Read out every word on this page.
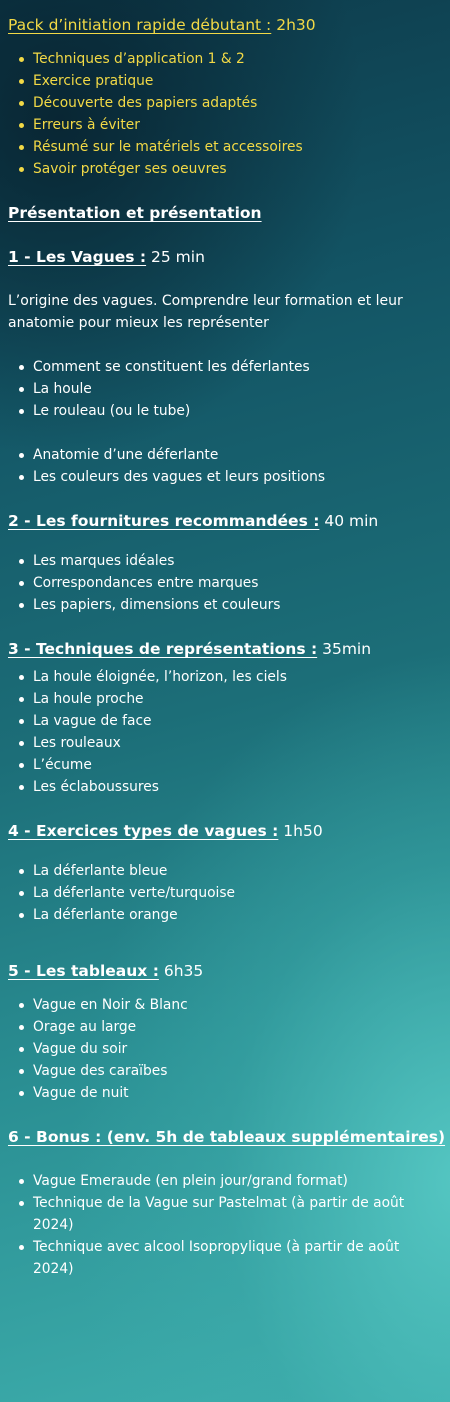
Pack d’initiation rapide débutant : 2h30
Techniques d’application 1 & 2
Exercice pratique
Découverte des papiers adaptés
Erreurs à éviter
Résumé sur le matériels et accessoires
Savoir protéger ses oeuvres
Présentation et présentation
1 - Les Vagues : 25 min

L’origine des vagues. Comprendre leur formation et leur anatomie pour mieux les représenter

Comment se constituent les déferlantes
La houle
Le rouleau (ou le tube)
Anatomie d’une déferlante
Les couleurs des vagues et leurs positions
2 - Les fournitures recommandées : 40 min
Les marques idéales
Correspondances entre marques
Les papiers, dimensions et couleurs
3 - Techniques de représentations : 35min
La houle éloignée, l’horizon, les ciels
La houle proche
La vague de face
Les rouleaux
L’écume
Les éclaboussures
4 - Exercices types de vagues : 1h50
La déferlante bleue
La déferlante verte/turquoise
La déferlante orange
5 - Les tableaux : 6h35
Vague en Noir & Blanc
Orage au large
Vague du soir
Vague des caraïbes
Vague de nuit
6 - Bonus : (env. 5h de tableaux supplémentaires)
Vague Emeraude (en plein jour/grand format)
Technique de la Vague sur Pastelmat (à partir de août 2024)
Technique avec alcool Isopropylique (à partir de août 2024)
